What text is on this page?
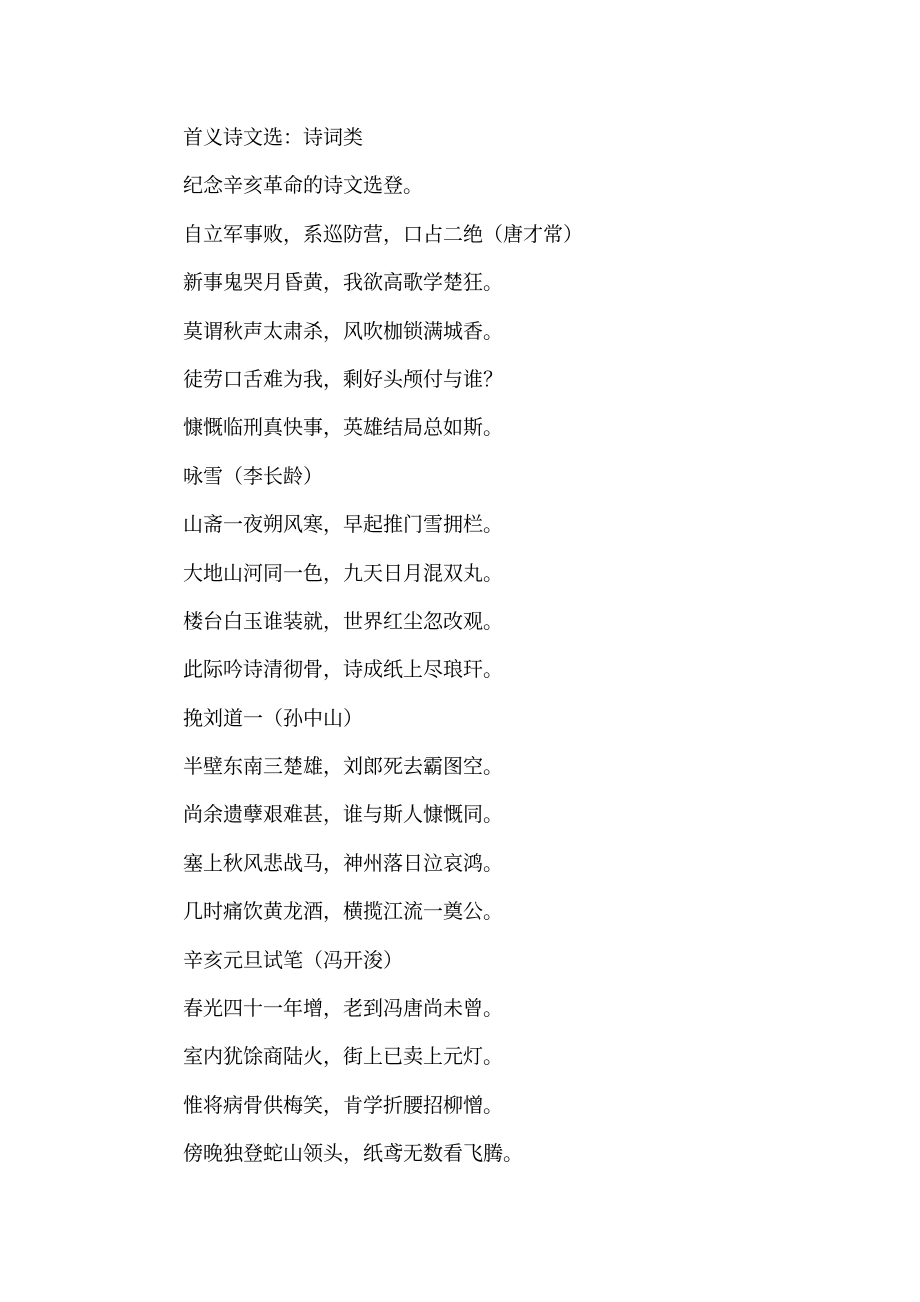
首义诗文选：诗词类
纪念辛亥革命的诗文选登。
自立军事败，系巡防营，口占二绝（唐才常）
新事鬼哭月昏黄，我欲高歌学楚狂。
莫谓秋声太肃杀，风吹枷锁满城香。
徒劳口舌难为我，剩好头颅付与谁？
慷慨临刑真快事，英雄结局总如斯。
咏雪（李长龄）
山斋一夜朔风寒，早起推门雪拥栏。
大地山河同一色，九天日月混双丸。
楼台白玉谁装就，世界红尘忽改观。
此际吟诗清彻骨，诗成纸上尽琅玕。
挽刘道一（孙中山）
半壁东南三楚雄，刘郎死去霸图空。
尚余遗孽艰难甚，谁与斯人慷慨同。
塞上秋风悲战马，神州落日泣哀鸿。
几时痛饮黄龙酒，横揽江流一奠公。
辛亥元旦试笔（冯开浚）
春光四十一年增，老到冯唐尚未曾。
室内犹馀商陆火，街上已卖上元灯。
惟将病骨供梅笑，肯学折腰招柳憎。
傍晚独登蛇山领头，纸鸢无数看飞腾。
